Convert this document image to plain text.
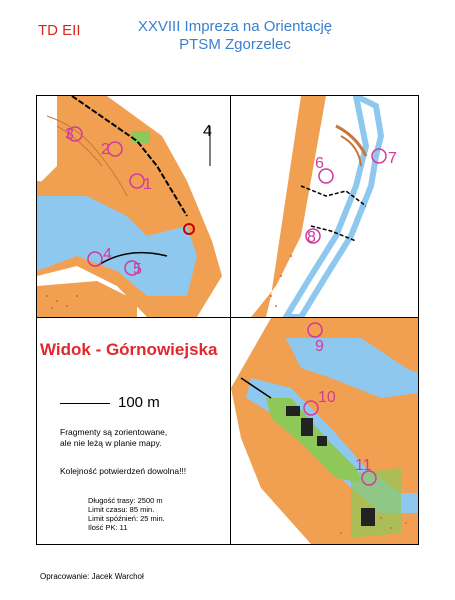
TD EII	XXVIII Impreza na Orientację
PTSM Zgorzelec
1
2
3
4
5
4
6	7
8
9
10
11
Widok - Górnowiejska
100 m
Fragmenty są zorientowane,
ale nie leżą w planie mapy.
Kolejność potwierdzeń dowolna!!!
Długość trasy: 2500 m
Limit czasu: 85 min.
Limit spóźnień: 25 min.
Ilość PK: 11
Opracowanie: Jacek Warchoł
